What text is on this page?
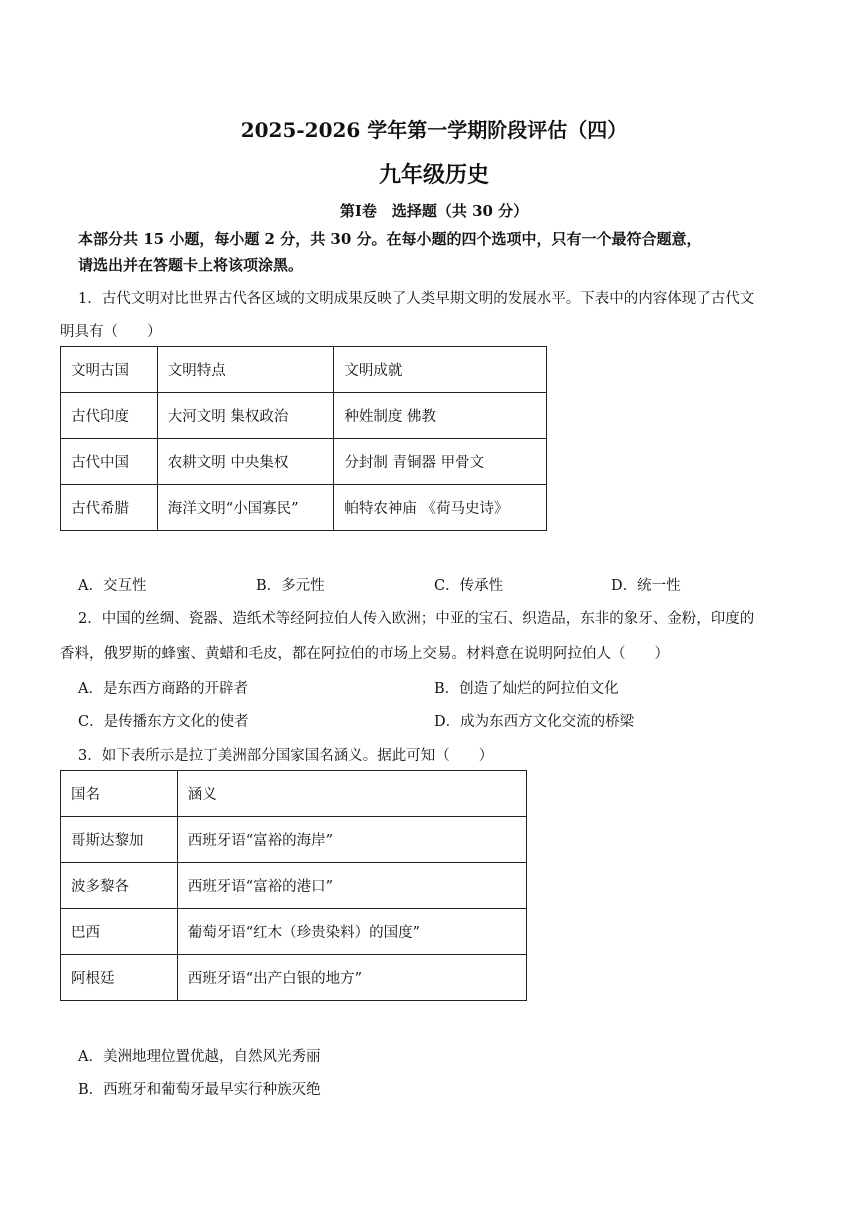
2025-2026 学年第一学期阶段评估（四）
九年级历史
第Ⅰ卷　选择题（共 30 分）
本部分共 15 小题，每小题 2 分，共 30 分。在每小题的四个选项中，只有一个最符合题意，
请选出并在答题卡上将该项涂黑。
1．古代文明对比世界古代各区域的文明成果反映了人类早期文明的发展水平。下表中的内容体现了古代文
明具有（　　）
文明古国	文明特点	文明成就
古代印度	大河文明 集权政治	种姓制度 佛教
古代中国	农耕文明 中央集权	分封制 青铜器 甲骨文
古代希腊	海洋文明“小国寡民”	帕特农神庙 《荷马史诗》
A．交互性	B．多元性	C．传承性	D．统一性
2．中国的丝绸、瓷器、造纸术等经阿拉伯人传入欧洲；中亚的宝石、织造品，东非的象牙、金粉，印度的
香料，俄罗斯的蜂蜜、黄蜡和毛皮，都在阿拉伯的市场上交易。材料意在说明阿拉伯人（　　）
A．是东西方商路的开辟者	B．创造了灿烂的阿拉伯文化
C．是传播东方文化的使者	D．成为东西方文化交流的桥梁
3．如下表所示是拉丁美洲部分国家国名涵义。据此可知（　　）
国名	涵义
哥斯达黎加	西班牙语“富裕的海岸”
波多黎各	西班牙语“富裕的港口”
巴西	葡萄牙语“红木（珍贵染料）的国度”
阿根廷	西班牙语“出产白银的地方”
A．美洲地理位置优越，自然风光秀丽
B．西班牙和葡萄牙最早实行种族灭绝
